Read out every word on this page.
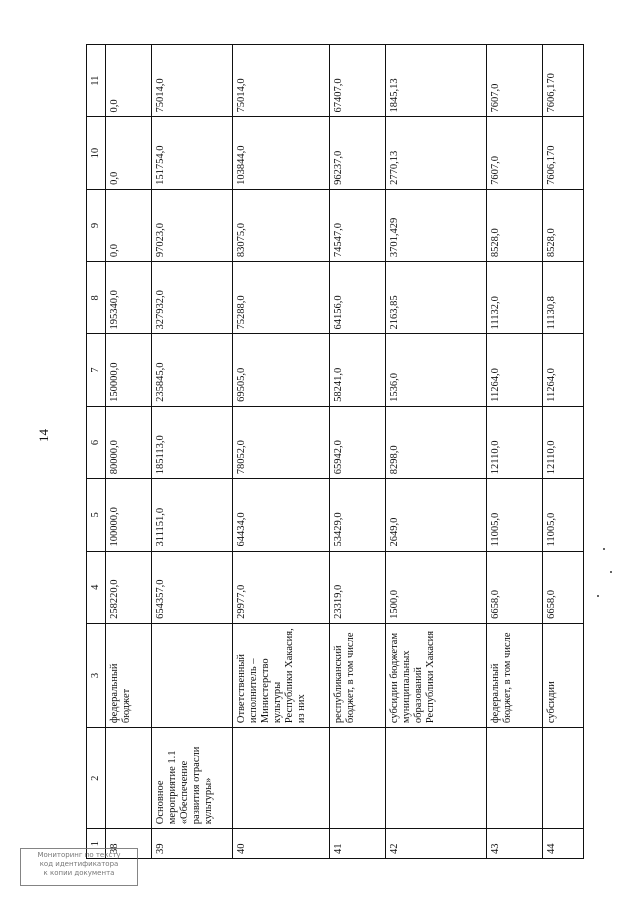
14
1	2	3	4	5	6	7	8	9	10	11
38		федеральный бюджет	258220,0	100000,0	80000,0	150000,0	195340,0	0,0	0,0	0,0
39	Основное мероприятие 1.1 «Обеспечение развития отрасли культуры»		654357,0	311151,0	185113,0	235845,0	327932,0	97023,0	151754,0	75014,0
40		Ответственный исполнитель – Министерство культуры Республики Хакасия, из них	29977,0	64434,0	78052,0	69505,0	75288,0	83075,0	103844,0	75014,0
41		республиканский бюджет, в том числе	23319,0	53429,0	65942,0	58241,0	64156,0	74547,0	96237,0	67407,0
42		субсидии бюджетам муниципальных образований Республики Хакасия	1500,0	2649,0	8298,0	1536,0	2163,85	3701,429	2770,13	1845,13
43		федеральный бюджет, в том числе	6658,0	11005,0	12110,0	11264,0	11132,0	8528,0	7607,0	7607,0
44		субсидии	6658,0	11005,0	12110,0	11264,0	11130,8	8528,0	7606,170	7606,170
Мониторинг по тексту
код идентификатора
к копии документа
